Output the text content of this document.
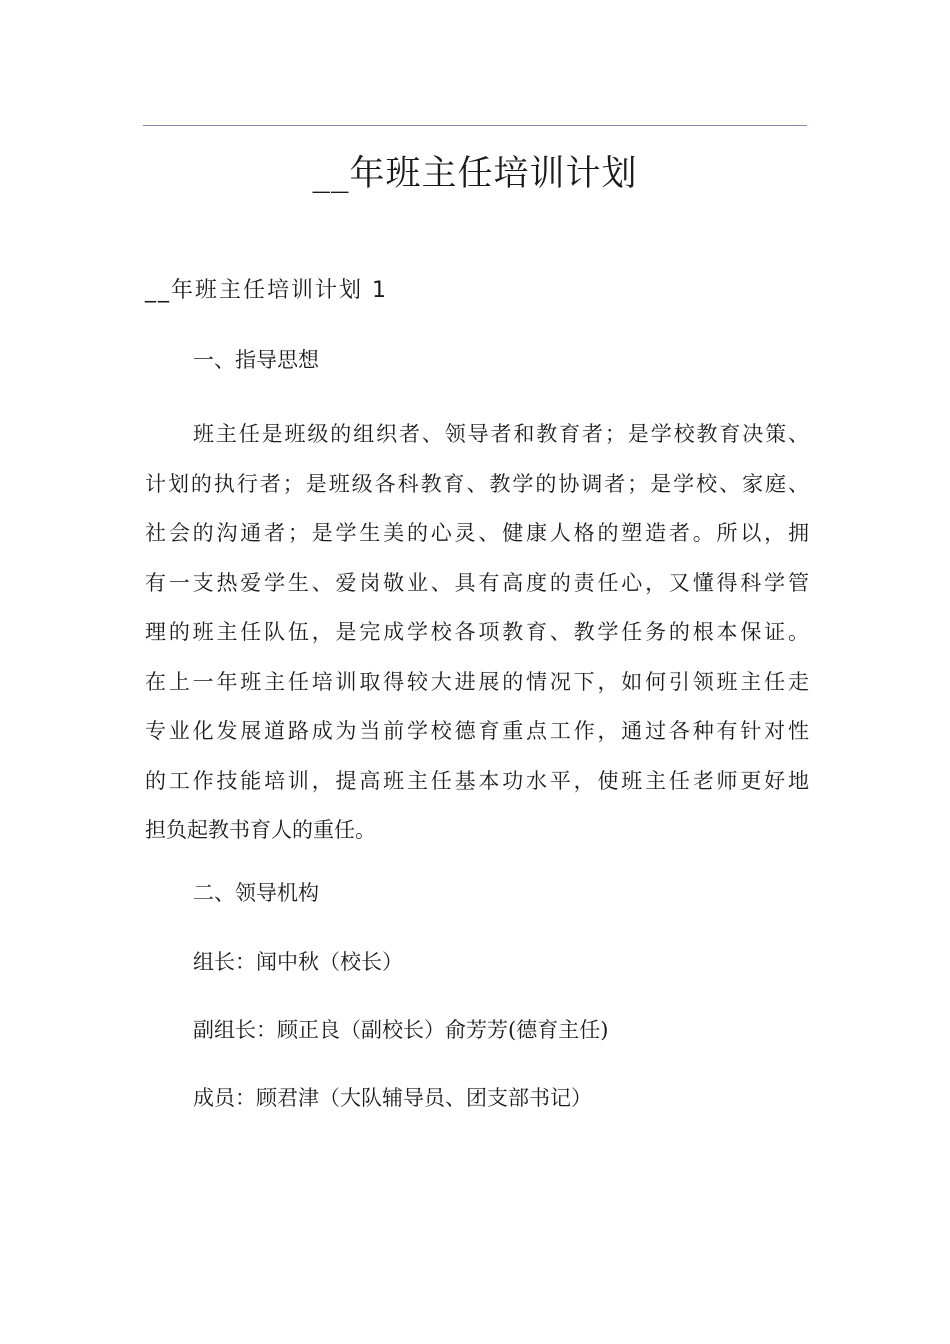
__年班主任培训计划
__年班主任培训计划 1
一、指导思想
班主任是班级的组织者、领导者和教育者；是学校教育决策、
计划的执行者；是班级各科教育、教学的协调者；是学校、家庭、
社会的沟通者；是学生美的心灵、健康人格的塑造者。所以，拥
有一支热爱学生、爱岗敬业、具有高度的责任心，又懂得科学管
理的班主任队伍，是完成学校各项教育、教学任务的根本保证。
在上一年班主任培训取得较大进展的情况下，如何引领班主任走
专业化发展道路成为当前学校德育重点工作，通过各种有针对性
的工作技能培训，提高班主任基本功水平，使班主任老师更好地
担负起教书育人的重任。
二、领导机构
组长：闻中秋（校长）
副组长：顾正良（副校长）俞芳芳(德育主任)
成员：顾君津（大队辅导员、团支部书记）
